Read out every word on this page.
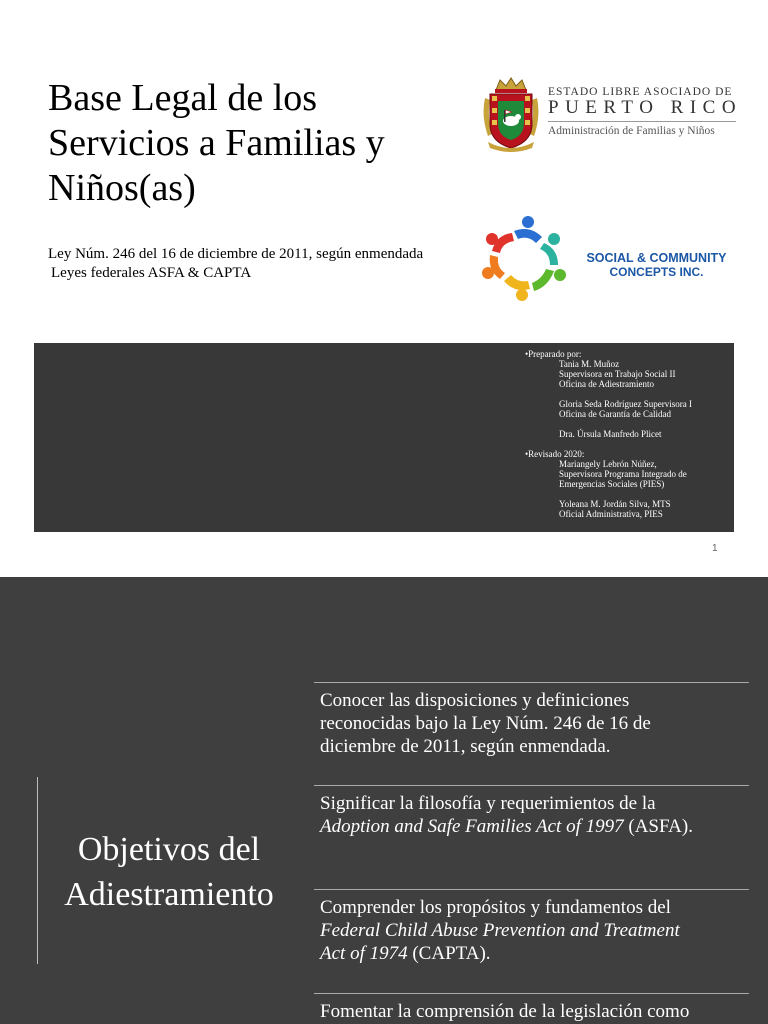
Base Legal de los
Servicios a Familias y
Niños(as)
Ley Núm. 246 del 16 de diciembre de 2011, según enmendada
Leyes federales ASFA & CAPTA
ESTADO LIBRE ASOCIADO DE
PUERTO RICO
Administración de Familias y Niños
SOCIAL & COMMUNITY
CONCEPTS INC.
•Preparado por:
Tania M. Muñoz
Supervisora en Trabajo Social II
Oficina de Adiestramiento
Gloria Seda Rodríguez Supervisora I
Oficina de Garantía de Calidad
Dra. Úrsula Manfredo Plicet
•Revisado 2020:
Mariangely Lebrón Núñez,
Supervisora Programa Integrado de
Emergencias Sociales (PIES)
Yoleana M. Jordán Silva, MTS
Oficial Administrativa, PIES
1
Objetivos del
Adiestramiento
Conocer las disposiciones y definiciones
reconocidas bajo la Ley Núm. 246 de 16 de
diciembre de 2011, según enmendada.
Significar la filosofía y requerimientos de la
Adoption and Safe Families Act of 1997 (ASFA).
Comprender los propósitos y fundamentos del
Federal Child Abuse Prevention and Treatment
Act of 1974 (CAPTA).
Fomentar la comprensión de la legislación como
